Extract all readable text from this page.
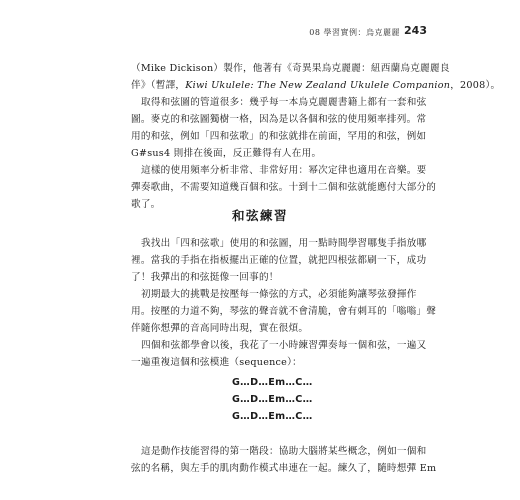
08 學習實例：烏克麗麗 243

（Mike Dickison）製作，他著有《奇異果烏克麗麗：紐西蘭烏克麗麗良
伴》（暫譯，Kiwi Ukulele: The New Zealand Ukulele Companion，2008）。

取得和弦圖的管道很多：幾乎每一本烏克麗麗書籍上都有一套和弦
圖。麥克的和弦圖獨樹一格，因為是以各個和弦的使用頻率排列。常
用的和弦，例如「四和弦歌」的和弦就排在前面，罕用的和弦，例如
G#sus4 則排在後面，反正難得有人在用。

這樣的使用頻率分析非常、非常好用：幂次定律也適用在音樂。要
彈奏歌曲，不需要知道幾百個和弦。十到十二個和弦就能應付大部分的
歌了。

和弦練習

我找出「四和弦歌」使用的和弦圖，用一點時間學習哪隻手指放哪
裡。當我的手指在指板擺出正確的位置，就把四根弦都刷一下，成功
了！我彈出的和弦挺像一回事的！

初期最大的挑戰是按壓每一條弦的方式，必須能夠讓琴弦發揮作
用。按壓的力道不夠，琴弦的聲音就不會清脆，會有刺耳的「嗡嗡」聲
伴隨你想彈的音高同時出現，實在很煩。

四個和弦都學會以後，我花了一小時練習彈奏每一個和弦，一遍又
一遍重複這個和弦模進（sequence）：

G…D…Em…C…
G…D…Em…C…
G…D…Em…C…

這是動作技能習得的第一階段：協助大腦將某些概念，例如一個和
弦的名稱，與左手的肌肉動作模式串連在一起。練久了，隨時想彈 Em
